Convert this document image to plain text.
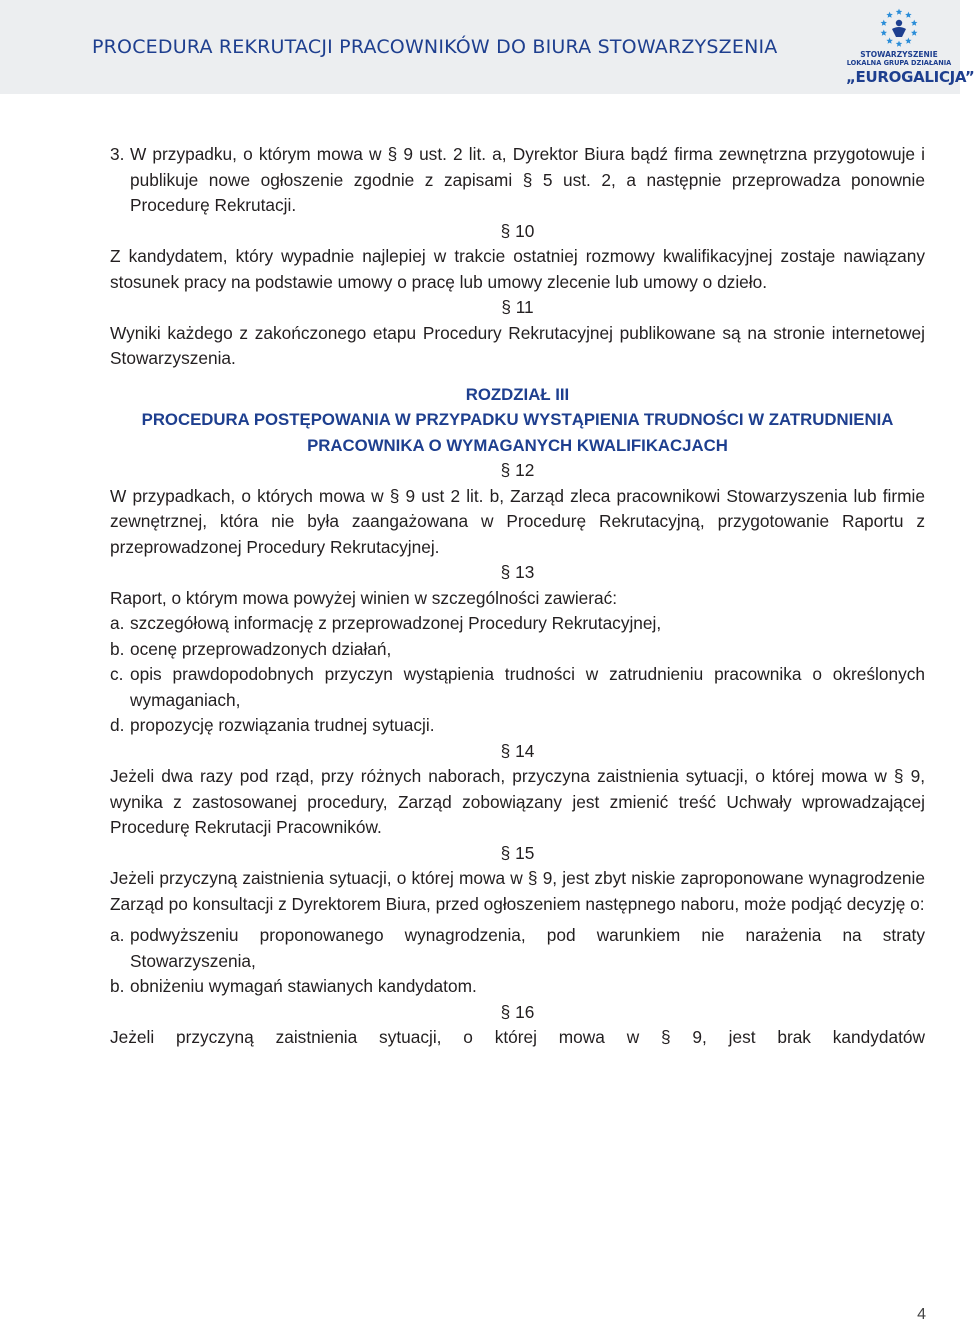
PROCEDURA REKRUTACJI PRACOWNIKÓW DO BIURA STOWARZYSZENIA	STOWARZYSZENIE
LOKALNA GRUPA DZIAŁANIA
„EUROGALICJA”
3. W przypadku, o którym mowa w § 9 ust. 2 lit. a, Dyrektor Biura bądź firma zewnętrzna przygotowuje i publikuje nowe ogłoszenie zgodnie z zapisami § 5 ust. 2, a następnie przeprowadza ponownie Procedurę Rekrutacji.

§ 10

Z kandydatem, który wypadnie najlepiej w trakcie ostatniej rozmowy kwalifikacyjnej zostaje nawiązany stosunek pracy na podstawie umowy o pracę lub umowy zlecenie lub umowy o dzieło.

§ 11

Wyniki każdego z zakończonego etapu Procedury Rekrutacyjnej publikowane są na stronie internetowej Stowarzyszenia.

ROZDZIAŁ III
PROCEDURA POSTĘPOWANIA W PRZYPADKU WYSTĄPIENIA TRUDNOŚCI W ZATRUDNIENIA
PRACOWNIKA O WYMAGANYCH KWALIFIKACJACH

§ 12

W przypadkach, o których mowa w § 9 ust 2 lit. b, Zarząd zleca pracownikowi Stowarzyszenia lub firmie zewnętrznej, która nie była zaangażowana w Procedurę Rekrutacyjną, przygotowanie Raportu z przeprowadzonej Procedury Rekrutacyjnej.

§ 13

Raport, o którym mowa powyżej winien w szczególności zawierać:

a. szczegółową informację z przeprowadzonej Procedury Rekrutacyjnej,
b. ocenę przeprowadzonych działań,
c. opis prawdopodobnych przyczyn wystąpienia trudności w zatrudnieniu pracownika o określonych wymaganiach,
d. propozycję rozwiązania trudnej sytuacji.

§ 14

Jeżeli dwa razy pod rząd, przy różnych naborach, przyczyna zaistnienia sytuacji, o której mowa w § 9, wynika z zastosowanej procedury, Zarząd zobowiązany jest zmienić treść Uchwały wprowadzającej Procedurę Rekrutacji Pracowników.

§ 15

Jeżeli przyczyną zaistnienia sytuacji, o której mowa w § 9, jest zbyt niskie zaproponowane wynagrodzenie Zarząd po konsultacji z Dyrektorem Biura, przed ogłoszeniem następnego naboru, może podjąć decyzję o:

a. podwyższeniu proponowanego wynagrodzenia, pod warunkiem nie narażenia na straty Stowarzyszenia,
b. obniżeniu wymagań stawianych kandydatom.

§ 16

Jeżeli przyczyną zaistnienia sytuacji, o której mowa w § 9, jest brak kandydatów

4
